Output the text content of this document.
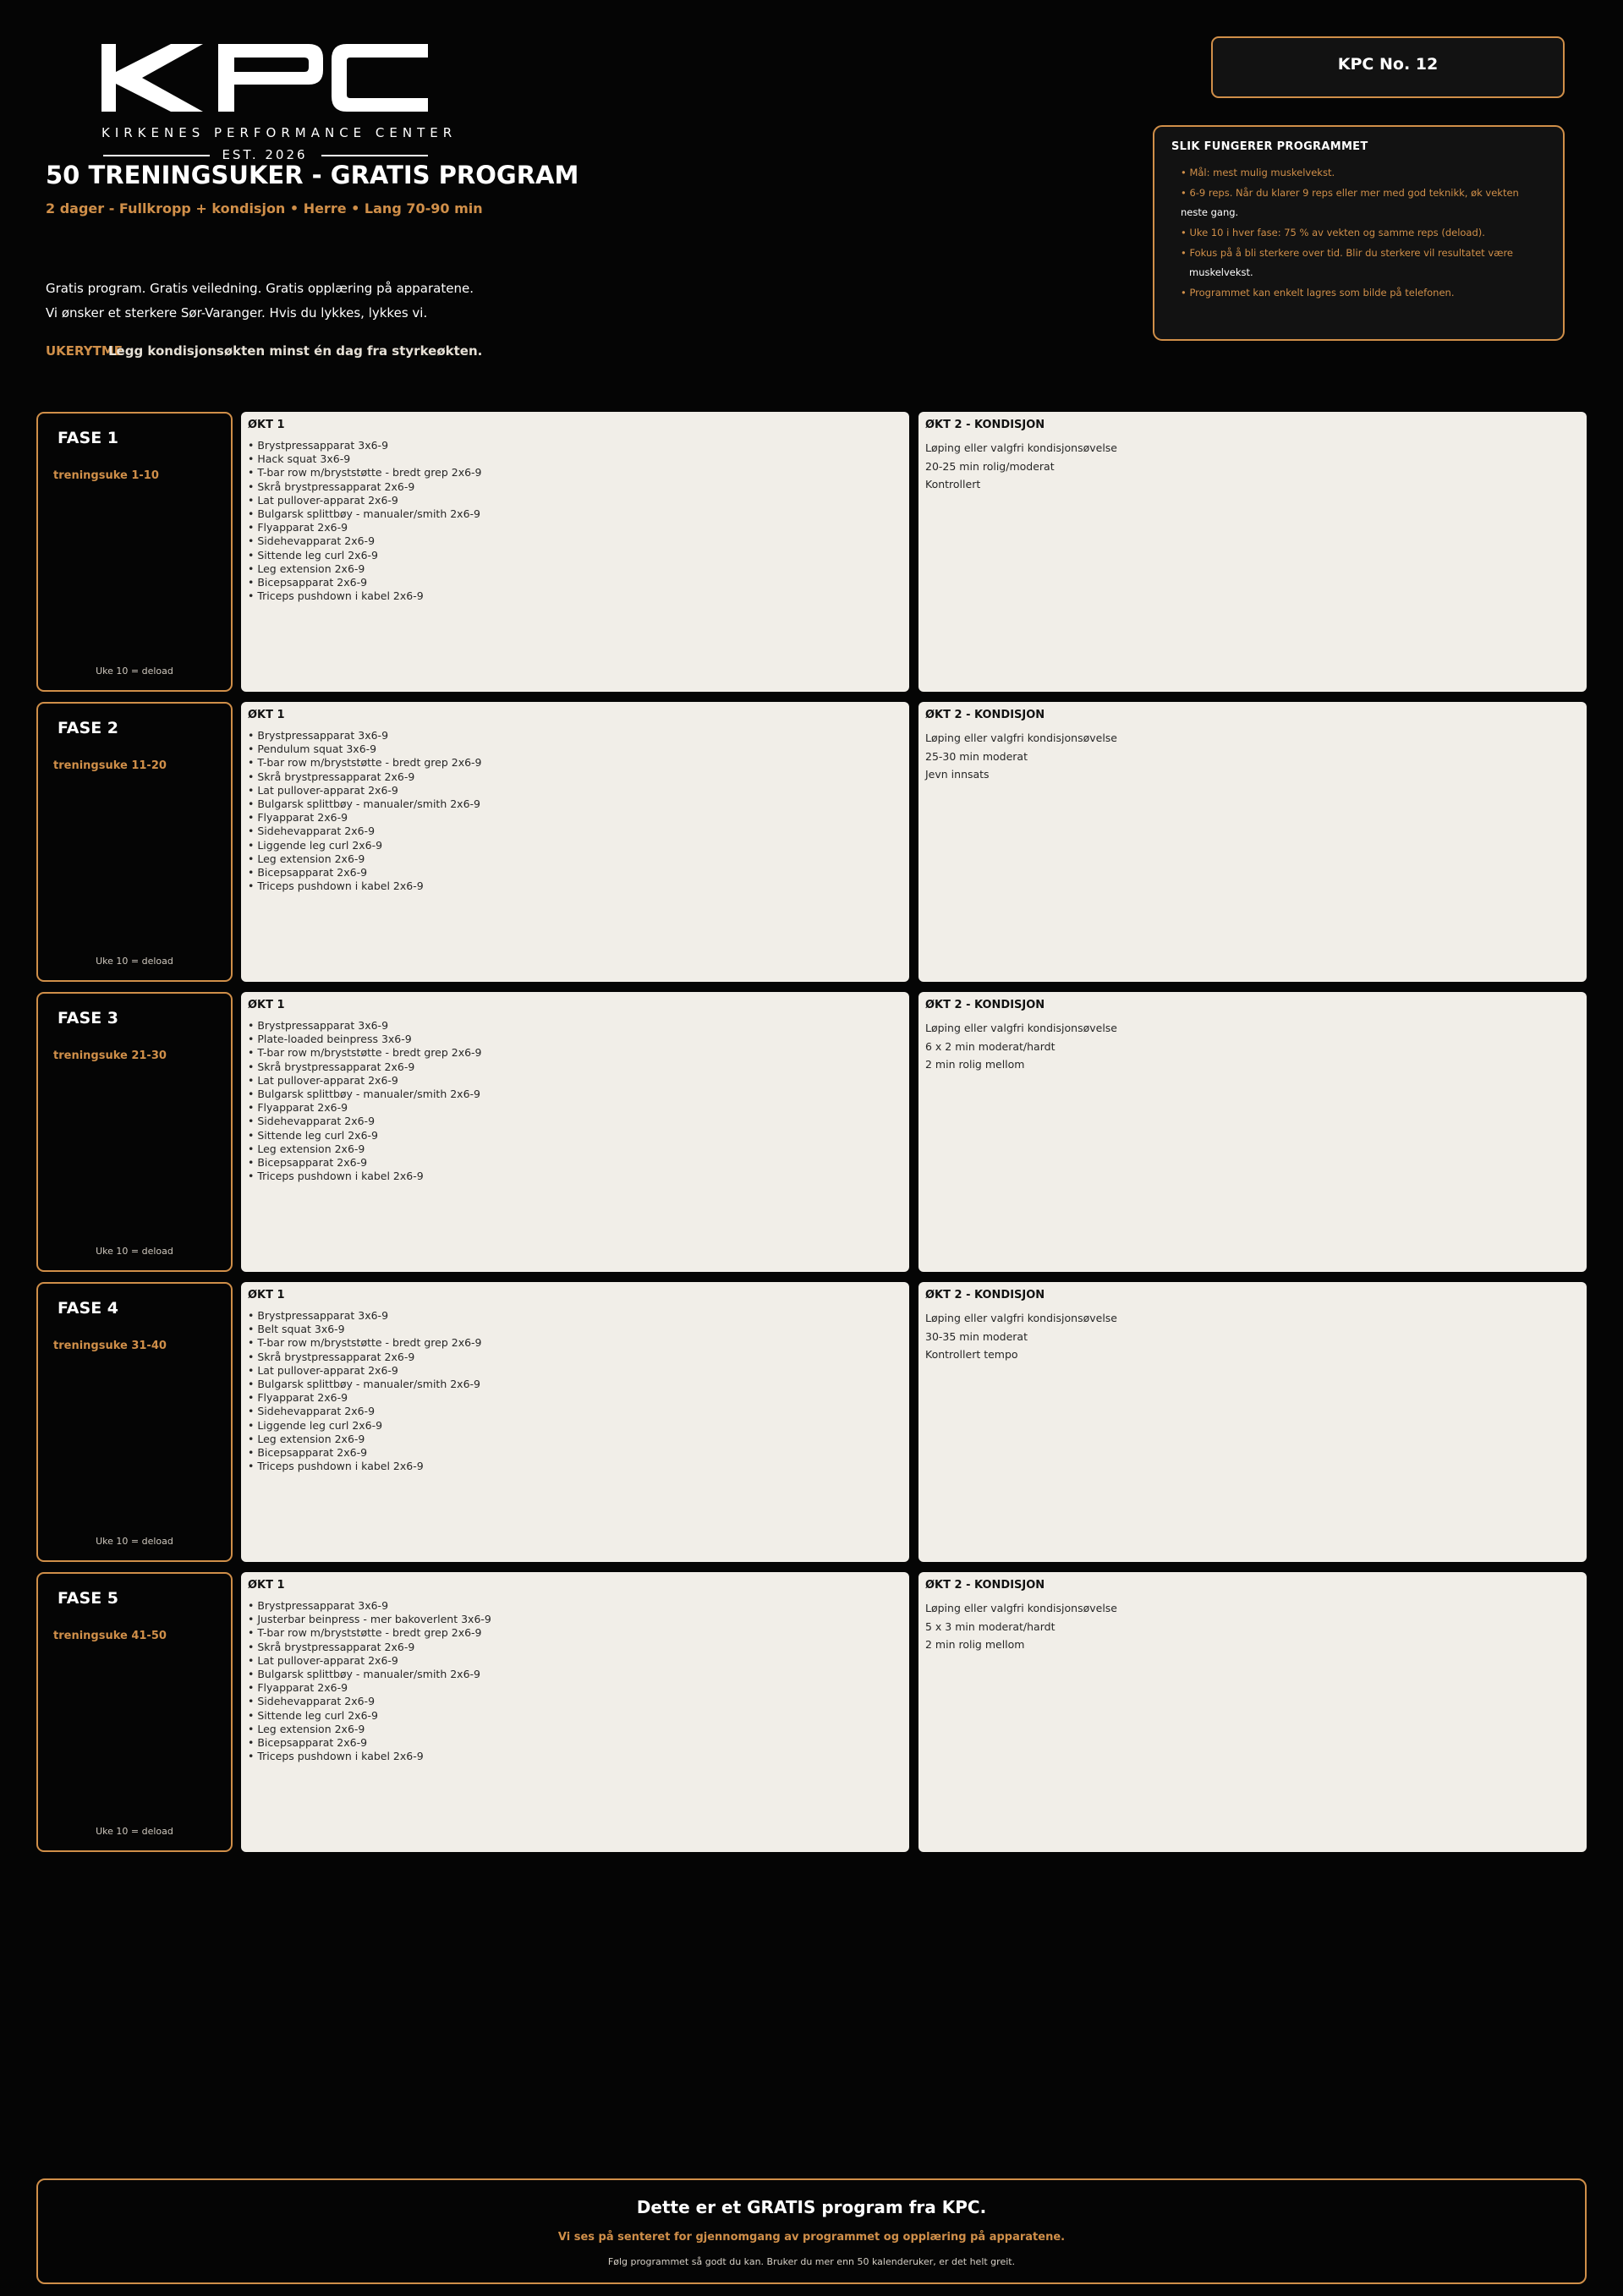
KIRKENES PERFORMANCE CENTER
EST. 2026
50 TRENINGSUKER - GRATIS PROGRAM
2 dager - Fullkropp + kondisjon • Herre • Lang 70-90 min
Gratis program. Gratis veiledning. Gratis opplæring på apparatene.
Vi ønsker et sterkere Sør-Varanger. Hvis du lykkes, lykkes vi.
UKERYTME
Legg kondisjonsøkten minst én dag fra styrkeøkten.
KPC No. 12
SLIK FUNGERER PROGRAMMET
• Mål: mest mulig muskelvekst.
• 6-9 reps. Når du klarer 9 reps eller mer med god teknikk, øk vekten
neste gang.
• Uke 10 i hver fase: 75 % av vekten og samme reps (deload).
• Fokus på å bli sterkere over tid. Blir du sterkere vil resultatet være
muskelvekst.
• Programmet kan enkelt lagres som bilde på telefonen.
FASE 1
treningsuke 1-10
Uke 10 = deload
ØKT 1
• Brystpressapparat 3x6-9
• Hack squat 3x6-9
• T-bar row m/bryststøtte - bredt grep 2x6-9
• Skrå brystpressapparat 2x6-9
• Lat pullover-apparat 2x6-9
• Bulgarsk splittbøy - manualer/smith 2x6-9
• Flyapparat 2x6-9
• Sidehevapparat 2x6-9
• Sittende leg curl 2x6-9
• Leg extension 2x6-9
• Bicepsapparat 2x6-9
• Triceps pushdown i kabel 2x6-9
ØKT 2 - KONDISJON
Løping eller valgfri kondisjonsøvelse
20-25 min rolig/moderat
Kontrollert
FASE 2
treningsuke 11-20
Uke 10 = deload
ØKT 1
• Brystpressapparat 3x6-9
• Pendulum squat 3x6-9
• T-bar row m/bryststøtte - bredt grep 2x6-9
• Skrå brystpressapparat 2x6-9
• Lat pullover-apparat 2x6-9
• Bulgarsk splittbøy - manualer/smith 2x6-9
• Flyapparat 2x6-9
• Sidehevapparat 2x6-9
• Liggende leg curl 2x6-9
• Leg extension 2x6-9
• Bicepsapparat 2x6-9
• Triceps pushdown i kabel 2x6-9
ØKT 2 - KONDISJON
Løping eller valgfri kondisjonsøvelse
25-30 min moderat
Jevn innsats
FASE 3
treningsuke 21-30
Uke 10 = deload
ØKT 1
• Brystpressapparat 3x6-9
• Plate-loaded beinpress 3x6-9
• T-bar row m/bryststøtte - bredt grep 2x6-9
• Skrå brystpressapparat 2x6-9
• Lat pullover-apparat 2x6-9
• Bulgarsk splittbøy - manualer/smith 2x6-9
• Flyapparat 2x6-9
• Sidehevapparat 2x6-9
• Sittende leg curl 2x6-9
• Leg extension 2x6-9
• Bicepsapparat 2x6-9
• Triceps pushdown i kabel 2x6-9
ØKT 2 - KONDISJON
Løping eller valgfri kondisjonsøvelse
6 x 2 min moderat/hardt
2 min rolig mellom
FASE 4
treningsuke 31-40
Uke 10 = deload
ØKT 1
• Brystpressapparat 3x6-9
• Belt squat 3x6-9
• T-bar row m/bryststøtte - bredt grep 2x6-9
• Skrå brystpressapparat 2x6-9
• Lat pullover-apparat 2x6-9
• Bulgarsk splittbøy - manualer/smith 2x6-9
• Flyapparat 2x6-9
• Sidehevapparat 2x6-9
• Liggende leg curl 2x6-9
• Leg extension 2x6-9
• Bicepsapparat 2x6-9
• Triceps pushdown i kabel 2x6-9
ØKT 2 - KONDISJON
Løping eller valgfri kondisjonsøvelse
30-35 min moderat
Kontrollert tempo
FASE 5
treningsuke 41-50
Uke 10 = deload
ØKT 1
• Brystpressapparat 3x6-9
• Justerbar beinpress - mer bakoverlent 3x6-9
• T-bar row m/bryststøtte - bredt grep 2x6-9
• Skrå brystpressapparat 2x6-9
• Lat pullover-apparat 2x6-9
• Bulgarsk splittbøy - manualer/smith 2x6-9
• Flyapparat 2x6-9
• Sidehevapparat 2x6-9
• Sittende leg curl 2x6-9
• Leg extension 2x6-9
• Bicepsapparat 2x6-9
• Triceps pushdown i kabel 2x6-9
ØKT 2 - KONDISJON
Løping eller valgfri kondisjonsøvelse
5 x 3 min moderat/hardt
2 min rolig mellom
Dette er et GRATIS program fra KPC.
Vi ses på senteret for gjennomgang av programmet og opplæring på apparatene.
Følg programmet så godt du kan. Bruker du mer enn 50 kalenderuker, er det helt greit.
